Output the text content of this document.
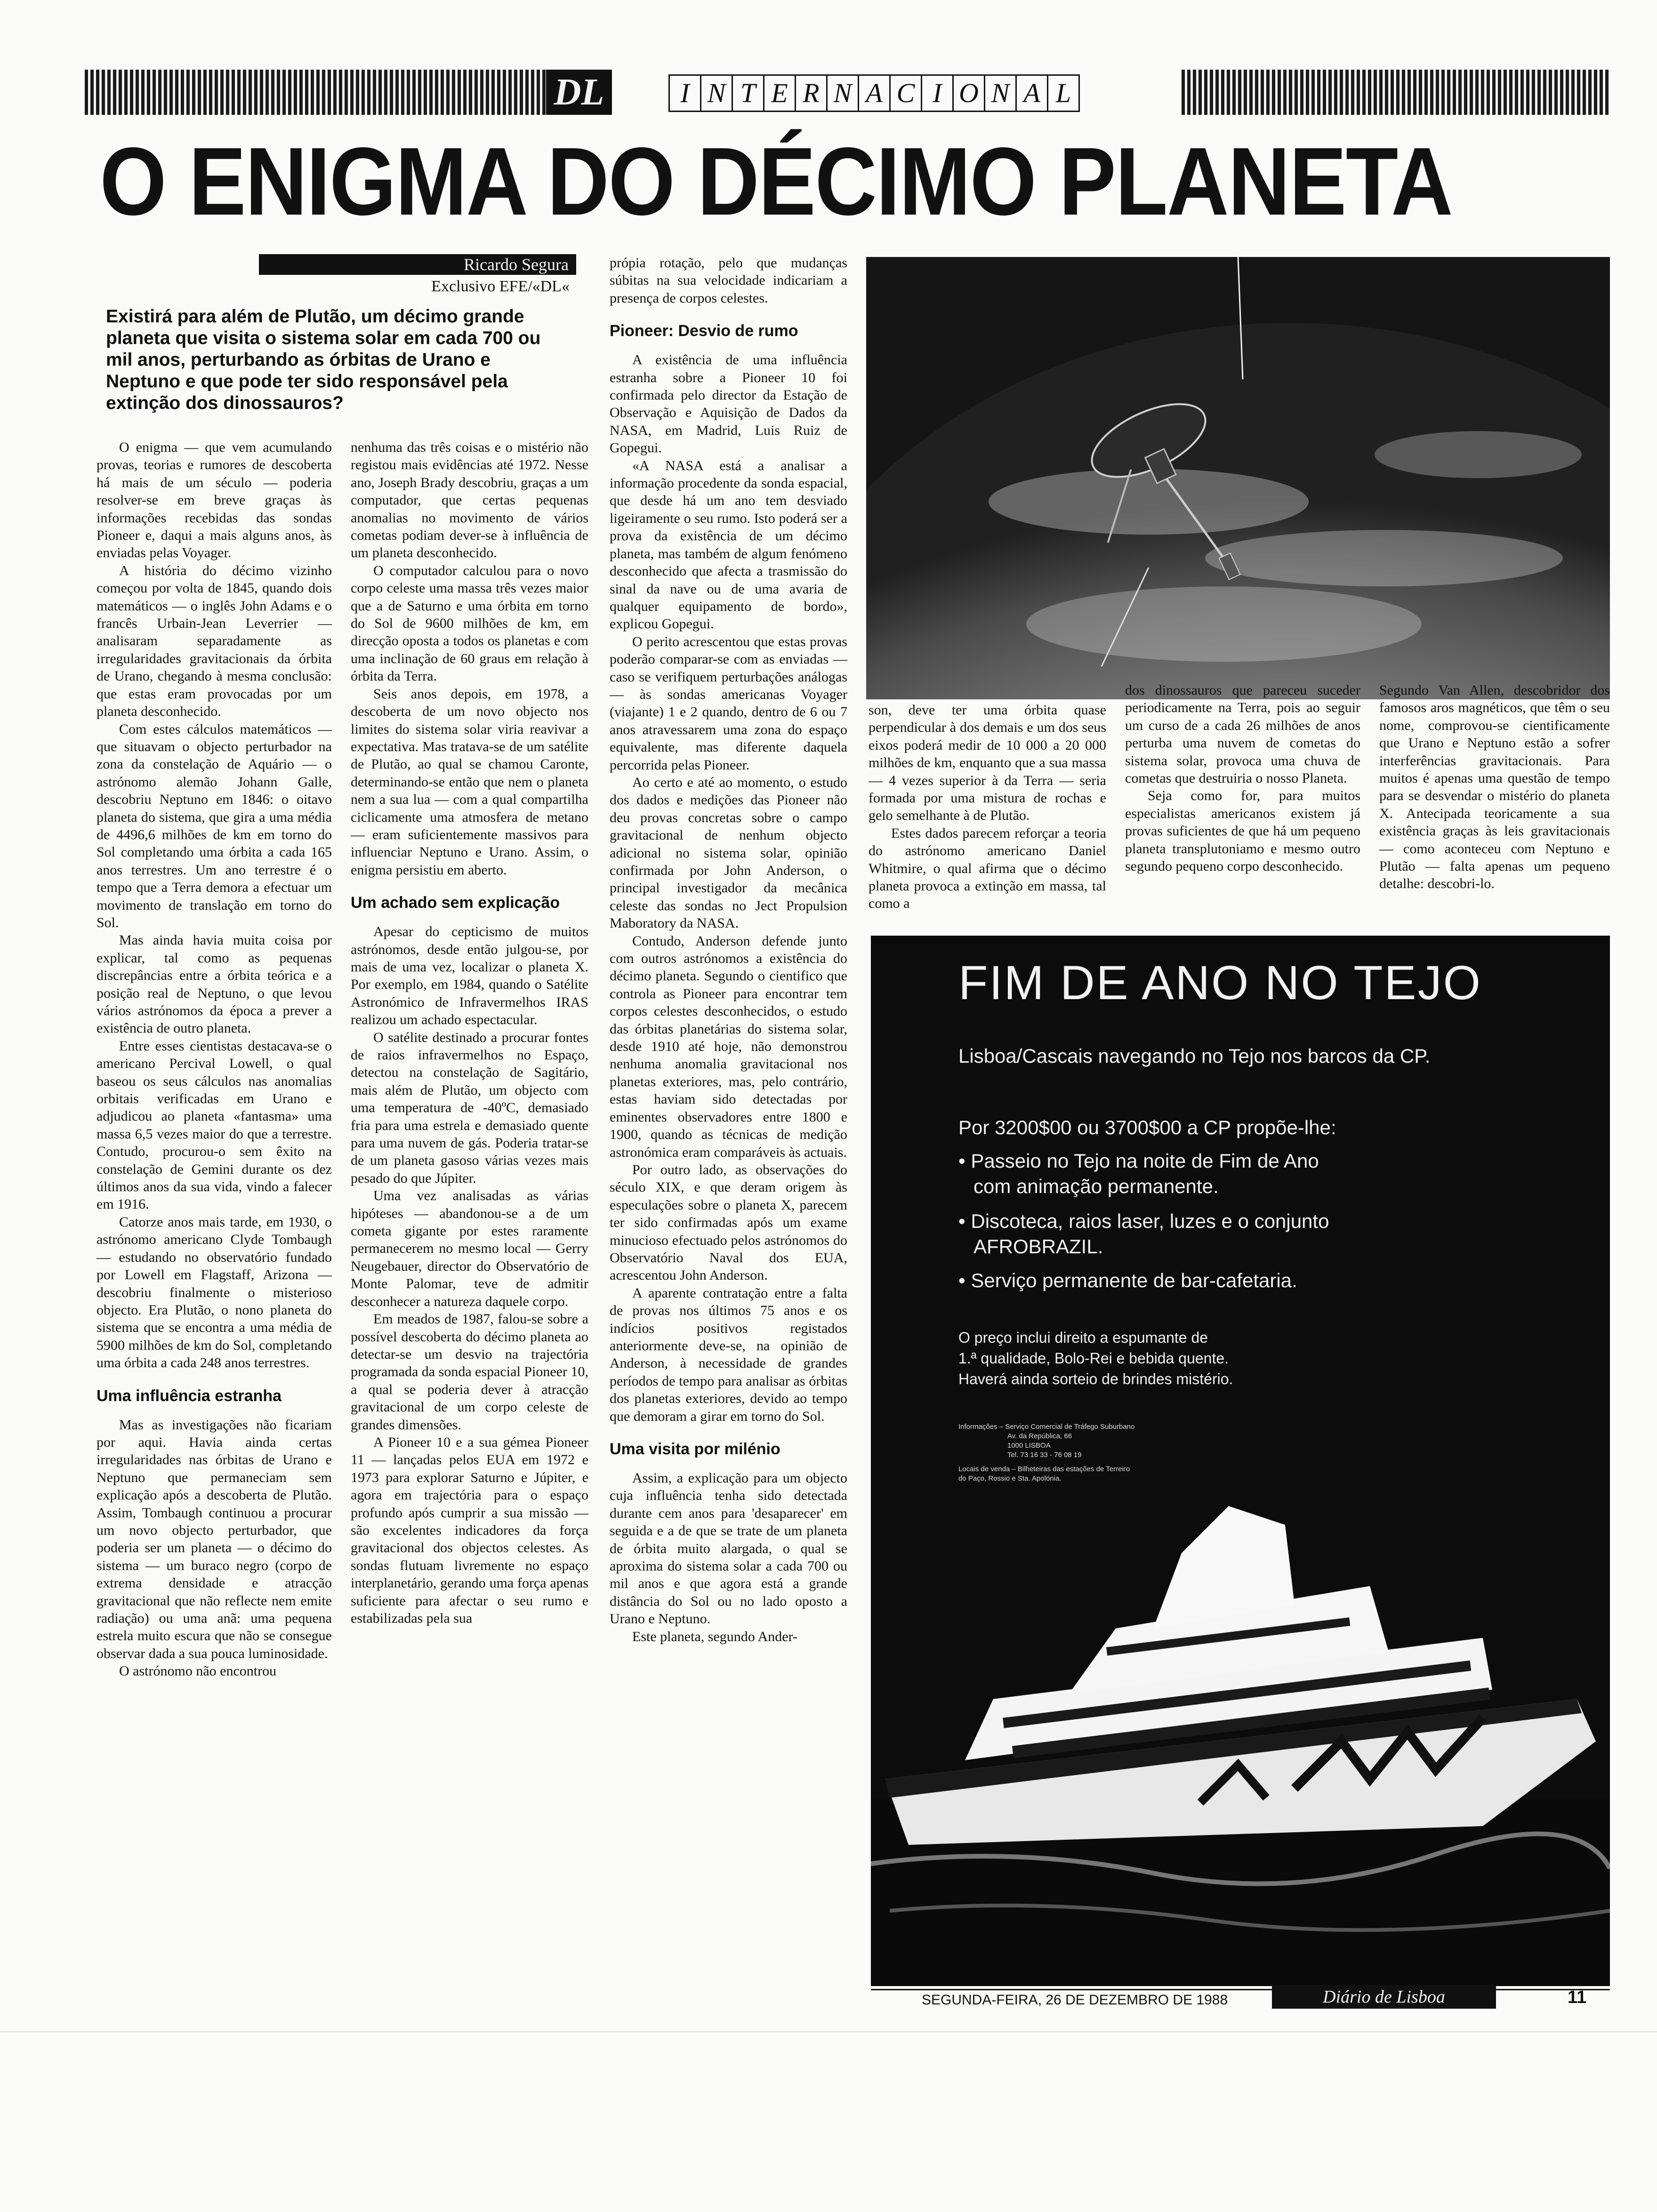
DL	I N T E R N A C I O N A L
O ENIGMA DO DÉCIMO PLANETA
Ricardo Segura
Exclusivo EFE/«DL«
Existirá para além de Plutão, um décimo grande planeta que visita o sistema solar em cada 700 ou mil anos, perturbando as órbitas de Urano e Neptuno e que pode ter sido responsável pela extinção dos dinossauros?

O enigma — que vem acumulando provas, teorias e rumores de descoberta há mais de um século — poderia resolver-se em breve graças às informações recebidas das sondas Pioneer e, daqui a mais alguns anos, às enviadas pelas Voyager.

A história do décimo vizinho começou por volta de 1845, quando dois matemáticos — o inglês John Adams e o francês Urbain-Jean Leverrier — analisaram separadamente as irregularidades gravitacionais da órbita de Urano, chegando à mesma conclusão: que estas eram provocadas por um planeta desconhecido.

Com estes cálculos matemáticos — que situavam o objecto perturbador na zona da constelação de Aquário — o astrónomo alemão Johann Galle, descobriu Neptuno em 1846: o oitavo planeta do sistema, que gira a uma média de 4496,6 milhões de km em torno do Sol completando uma órbita a cada 165 anos terrestres. Um ano terrestre é o tempo que a Terra demora a efectuar um movimento de translação em torno do Sol.

Mas ainda havia muita coisa por explicar, tal como as pequenas discrepâncias entre a órbita teórica e a posição real de Neptuno, o que levou vários astrónomos da época a prever a existência de outro planeta.

Entre esses cientistas destacava-se o americano Percival Lowell, o qual baseou os seus cálculos nas anomalias orbitais verificadas em Urano e adjudicou ao planeta «fantasma» uma massa 6,5 vezes maior do que a terrestre. Contudo, procurou-o sem êxito na constelação de Gemini durante os dez últimos anos da sua vida, vindo a falecer em 1916.

Catorze anos mais tarde, em 1930, o astrónomo americano Clyde Tombaugh — estudando no observatório fundado por Lowell em Flagstaff, Arizona — descobriu finalmente o misterioso objecto. Era Plutão, o nono planeta do sistema que se encontra a uma média de 5900 milhões de km do Sol, completando uma órbita a cada 248 anos terrestres.

Uma influência estranha

Mas as investigações não ficariam por aqui. Havia ainda certas irregularidades nas órbitas de Urano e Neptuno que permaneciam sem explicação após a descoberta de Plutão. Assim, Tombaugh continuou a procurar um novo objecto perturbador, que poderia ser um planeta — o décimo do sistema — um buraco negro (corpo de extrema densidade e atracção gravitacional que não reflecte nem emite radiação) ou uma anã: uma pequena estrela muito escura que não se consegue observar dada a sua pouca luminosidade.

O astrónomo não encontrou

nenhuma das três coisas e o mistério não registou mais evidências até 1972. Nesse ano, Joseph Brady descobriu, graças a um computador, que certas pequenas anomalias no movimento de vários cometas podiam dever-se à influência de um planeta desconhecido.

O computador calculou para o novo corpo celeste uma massa três vezes maior que a de Saturno e uma órbita em torno do Sol de 9600 milhões de km, em direcção oposta a todos os planetas e com uma inclinação de 60 graus em relação à órbita da Terra.

Seis anos depois, em 1978, a descoberta de um novo objecto nos limites do sistema solar viria reavivar a expectativa. Mas tratava-se de um satélite de Plutão, ao qual se chamou Caronte, determinando-se então que nem o planeta nem a sua lua — com a qual compartilha ciclicamente uma atmosfera de metano — eram suficientemente massivos para influenciar Neptuno e Urano. Assim, o enigma persistiu em aberto.

Um achado sem explicação

Apesar do cepticismo de muitos astrónomos, desde então julgou-se, por mais de uma vez, localizar o planeta X. Por exemplo, em 1984, quando o Satélite Astronómico de Infravermelhos IRAS realizou um achado espectacular.

O satélite destinado a procurar fontes de raios infravermelhos no Espaço, detectou na constelação de Sagitário, mais além de Plutão, um objecto com uma temperatura de -40ºC, demasiado fria para uma estrela e demasiado quente para uma nuvem de gás. Poderia tratar-se de um planeta gasoso várias vezes mais pesado do que Júpiter.

Uma vez analisadas as várias hipóteses — abandonou-se a de um cometa gigante por estes raramente permanecerem no mesmo local — Gerry Neugebauer, director do Observatório de Monte Palomar, teve de admitir desconhecer a natureza daquele corpo.

Em meados de 1987, falou-se sobre a possível descoberta do décimo planeta ao detectar-se um desvio na trajectória programada da sonda espacial Pioneer 10, a qual se poderia dever à atracção gravitacional de um corpo celeste de grandes dimensões.

A Pioneer 10 e a sua gémea Pioneer 11 — lançadas pelos EUA em 1972 e 1973 para explorar Saturno e Júpiter, e agora em trajectória para o espaço profundo após cumprir a sua missão — são excelentes indicadores da força gravitacional dos objectos celestes. As sondas flutuam livremente no espaço interplanetário, gerando uma força apenas suficiente para afectar o seu rumo e estabilizadas pela sua

própia rotação, pelo que mudanças súbitas na sua velocidade indicariam a presença de corpos celestes.

Pioneer: Desvio de rumo

A existência de uma influência estranha sobre a Pioneer 10 foi confirmada pelo director da Estação de Observação e Aquisição de Dados da NASA, em Madrid, Luis Ruiz de Gopegui.

«A NASA está a analisar a informação procedente da sonda espacial, que desde há um ano tem desviado ligeiramente o seu rumo. Isto poderá ser a prova da existência de um décimo planeta, mas também de algum fenómeno desconhecido que afecta a trasmissão do sinal da nave ou de uma avaria de qualquer equipamento de bordo», explicou Gopegui.

O perito acrescentou que estas provas poderão comparar-se com as enviadas — caso se verifiquem perturbações análogas — às sondas americanas Voyager (viajante) 1 e 2 quando, dentro de 6 ou 7 anos atravessarem uma zona do espaço equivalente, mas diferente daquela percorrida pelas Pioneer.

Ao certo e até ao momento, o estudo dos dados e medições das Pioneer não deu provas concretas sobre o campo gravitacional de nenhum objecto adicional no sistema solar, opinião confirmada por John Anderson, o principal investigador da mecânica celeste das sondas no Ject Propulsion Maboratory da NASA.

Contudo, Anderson defende junto com outros astrónomos a existência do décimo planeta. Segundo o cientifico que controla as Pioneer para encontrar tem corpos celestes desconhecidos, o estudo das órbitas planetárias do sistema solar, desde 1910 até hoje, não demonstrou nenhuma anomalia gravitacional nos planetas exteriores, mas, pelo contrário, estas haviam sido detectadas por eminentes observadores entre 1800 e 1900, quando as técnicas de medição astronómica eram comparáveis às actuais.

Por outro lado, as observações do século XIX, e que deram origem às especulações sobre o planeta X, parecem ter sido confirmadas após um exame minucioso efectuado pelos astrónomos do Observatório Naval dos EUA, acrescentou John Anderson.

A aparente contratação entre a falta de provas nos últimos 75 anos e os indícios positivos registados anteriormente deve-se, na opinião de Anderson, à necessidade de grandes períodos de tempo para analisar as órbitas dos planetas exteriores, devido ao tempo que demoram a girar em torno do Sol.

Uma visita por milénio

Assim, a explicação para um objecto cuja influência tenha sido detectada durante cem anos para 'desaparecer' em seguida e a de que se trate de um planeta de órbita muito alargada, o qual se aproxima do sistema solar a cada 700 ou mil anos e que agora está a grande distância do Sol ou no lado oposto a Urano e Neptuno.

Este planeta, segundo Ander-

son, deve ter uma órbita quase perpendicular à dos demais e um dos seus eixos poderá medir de 10 000 a 20 000 milhões de km, enquanto que a sua massa — 4 vezes superior à da Terra — seria formada por uma mistura de rochas e gelo semelhante à de Plutão.

Estes dados parecem reforçar a teoria do astrónomo americano Daniel Whitmire, o qual afirma que o décimo planeta provoca a extinção em massa, tal como a

dos dinossauros que pareceu suceder periodicamente na Terra, pois ao seguir um curso de a cada 26 milhões de anos perturba uma nuvem de cometas do sistema solar, provoca uma chuva de cometas que destruiria o nosso Planeta.

Seja como for, para muitos especialistas americanos existem já provas suficientes de que há um pequeno planeta transplutoniamo e mesmo outro segundo pequeno corpo desconhecido.

Segundo Van Allen, descobridor dos famosos aros magnéticos, que têm o seu nome, comprovou-se cientificamente que Urano e Neptuno estão a sofrer interferências gravitacionais. Para muitos é apenas uma questão de tempo para se desvendar o mistério do planeta X. Antecipada teoricamente a sua existência graças às leis gravitacionais — como aconteceu com Neptuno e Plutão — falta apenas um pequeno detalhe: descobri-lo.

FIM DE ANO NO TEJO
Lisboa/Cascais navegando no Tejo nos barcos da CP.
Por 3200$00 ou 3700$00 a CP propõe-lhe:
• Passeio no Tejo na noite de Fim de Ano
com animação permanente.
• Discoteca, raios laser, luzes e o conjunto
AFROBRAZIL.
• Serviço permanente de bar-cafetaria.
O preço inclui direito a espumante de
1.ª qualidade, Bolo-Rei e bebida quente.
Haverá ainda sorteio de brindes mistério.
Informações – Serviço Comercial de Tráfego Suburbano
Av. da República, 66
1000 LISBOA
Tel. 73 16 33 - 76 08 19
Locais de venda – Bilheteiras das estações de Terreiro
do Paço, Rossio e Sta. Apolónia.
SEGUNDA-FEIRA, 26 DE DEZEMBRO DE 1988	Diário de Lisboa	11
